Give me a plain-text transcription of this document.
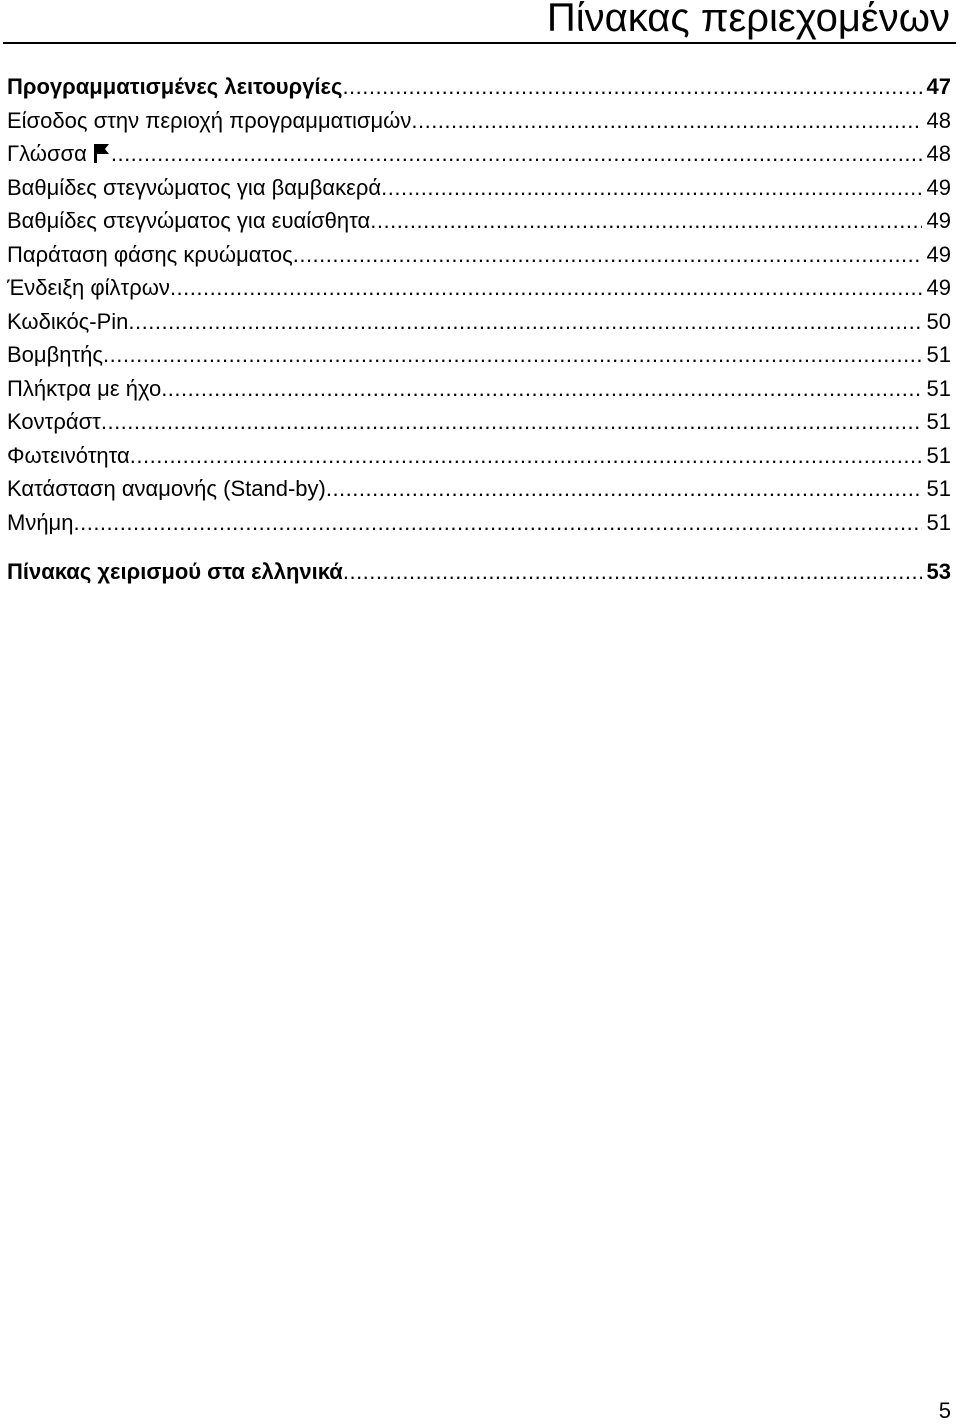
Πίνακας περιεχομένων
Προγραμματισμένες λειτουργίες .....	47
Είσοδος στην περιοχή προγραμματισμών .....	48
Γλώσσα .....	48
Βαθμίδες στεγνώματος για βαμβακερά .....	49
Βαθμίδες στεγνώματος για ευαίσθητα .....	49
Παράταση φάσης κρυώματος .....	49
Ένδειξη φίλτρων .....	49
Κωδικός-Pin .....	50
Βομβητής .....	51
Πλήκτρα με ήχο .....	51
Κοντράστ .....	51
Φωτεινότητα .....	51
Κατάσταση αναμονής (Stand-by) .....	51
Μνήμη .....	51
Πίνακας χειρισμού στα ελληνικά .....	53
5
